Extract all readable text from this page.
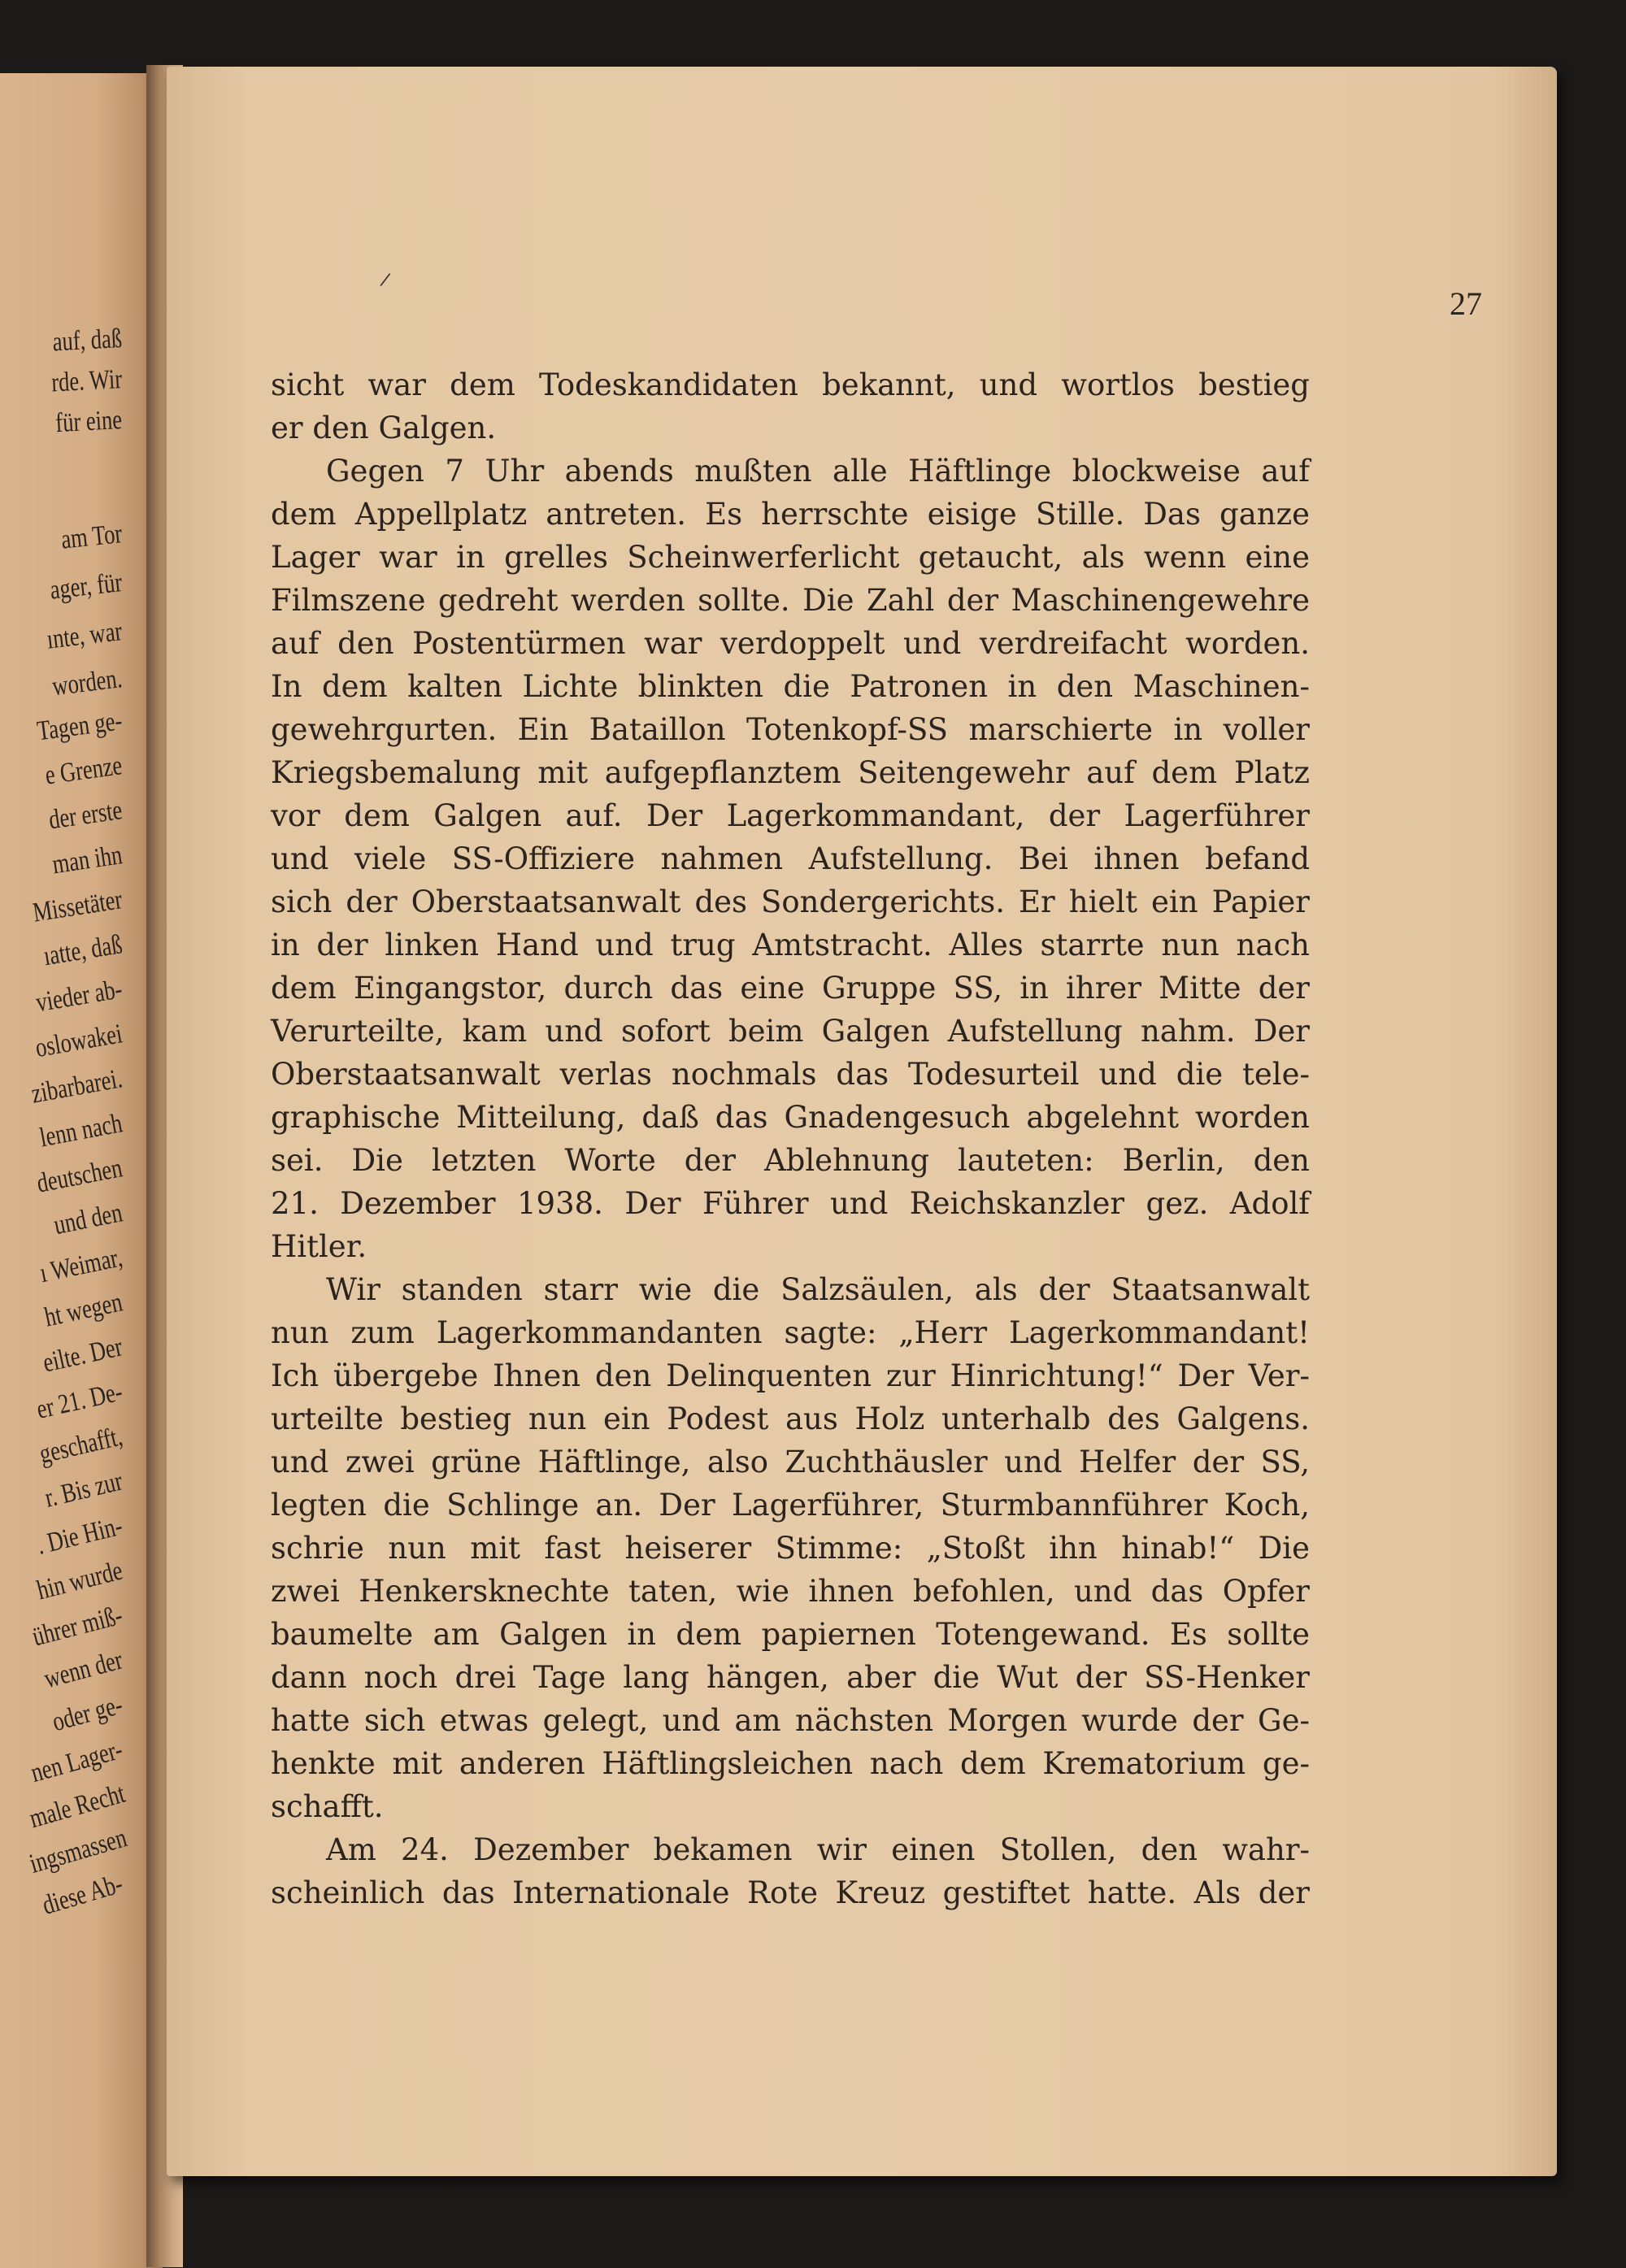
auf, daß
rde. Wir
für eine
am Tor
ager, für
ınte, war
worden.
Tagen ge-
e Grenze
der erste
man ihn
Missetäter
ıatte, daß
vieder ab-
oslowakei
zibarbarei.
lenn nach
deutschen
und den
ı Weimar,
ht wegen
eilte. Der
er 21. De-
geschafft,
r. Bis zur
. Die Hin-
hin wurde
ührer miß-
wenn der
oder ge-
nen Lager-
male Recht
ingsmassen
diese Ab-
27
sicht war dem Todeskandidaten bekannt, und wortlos bestieg
er den Galgen.
Gegen 7 Uhr abends mußten alle Häftlinge blockweise auf
dem Appellplatz antreten. Es herrschte eisige Stille. Das ganze
Lager war in grelles Scheinwerferlicht getaucht, als wenn eine
Filmszene gedreht werden sollte. Die Zahl der Maschinengewehre
auf den Postentürmen war verdoppelt und verdreifacht worden.
In dem kalten Lichte blinkten die Patronen in den Maschinen-
gewehrgurten. Ein Bataillon Totenkopf-SS marschierte in voller
Kriegsbemalung mit aufgepflanztem Seitengewehr auf dem Platz
vor dem Galgen auf. Der Lagerkommandant, der Lagerführer
und viele SS-Offiziere nahmen Aufstellung. Bei ihnen befand
sich der Oberstaatsanwalt des Sondergerichts. Er hielt ein Papier
in der linken Hand und trug Amtstracht. Alles starrte nun nach
dem Eingangstor, durch das eine Gruppe SS, in ihrer Mitte der
Verurteilte, kam und sofort beim Galgen Aufstellung nahm. Der
Oberstaatsanwalt verlas nochmals das Todesurteil und die tele-
graphische Mitteilung, daß das Gnadengesuch abgelehnt worden
sei. Die letzten Worte der Ablehnung lauteten: Berlin, den
21. Dezember 1938. Der Führer und Reichskanzler gez. Adolf
Hitler.
Wir standen starr wie die Salzsäulen, als der Staatsanwalt
nun zum Lagerkommandanten sagte: „Herr Lagerkommandant!
Ich übergebe Ihnen den Delinquenten zur Hinrichtung!“ Der Ver-
urteilte bestieg nun ein Podest aus Holz unterhalb des Galgens.
und zwei grüne Häftlinge, also Zuchthäusler und Helfer der SS,
legten die Schlinge an. Der Lagerführer, Sturmbannführer Koch,
schrie nun mit fast heiserer Stimme: „Stoßt ihn hinab!“ Die
zwei Henkersknechte taten, wie ihnen befohlen, und das Opfer
baumelte am Galgen in dem papiernen Totengewand. Es sollte
dann noch drei Tage lang hängen, aber die Wut der SS-Henker
hatte sich etwas gelegt, und am nächsten Morgen wurde der Ge-
henkte mit anderen Häftlingsleichen nach dem Krematorium ge-
schafft.
Am 24. Dezember bekamen wir einen Stollen, den wahr-
scheinlich das Internationale Rote Kreuz gestiftet hatte. Als der
/
